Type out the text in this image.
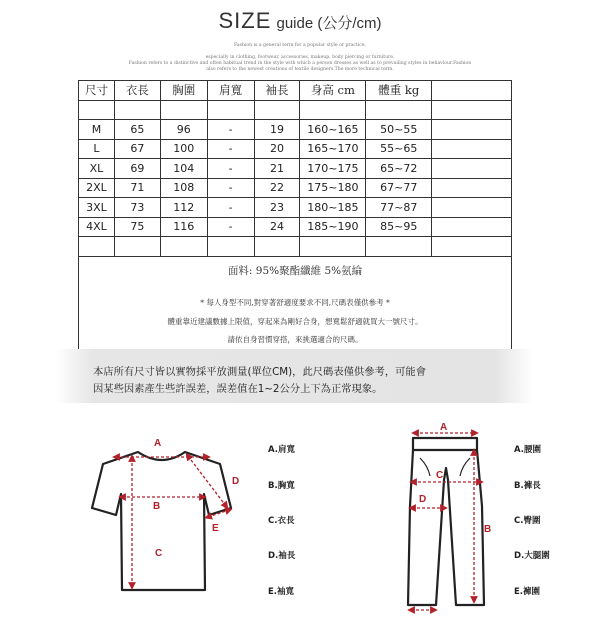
SIZE guide (公分/cm)
Fashion is a general term for a popular style or practice,
especially in clothing, footwear, accessories, makeup, body piercing or furniture.
Fashion refers to a distinctive and often habitual trend in the style with which a person dresses as well as to prevailing styles in behaviour.Fashion
also refers to the newest creations of textile designers.The more technical term.
尺寸	衣長	胸圍	肩寬	袖長	身高 cm	體重 kg
M	65	96	-	19	160~165	50~55
L	67	100	-	20	165~170	55~65
XL	69	104	-	21	170~175	65~72
2XL	71	108	-	22	175~180	67~77
3XL	73	112	-	23	180~185	77~87
4XL	75	116	-	24	185~190	85~95
面料: 95%聚酯纖維 5%氨綸
* 每人身型不同,對穿著舒適度要求不同,尺碼表僅供參考 *
體重靠近建議數據上限值，穿起來為剛好合身，想寬鬆舒適就買大一號尺寸。
請依自身習慣穿搭，來挑選適合的尺碼。

本店所有尺寸皆以實物採平放測量(單位CM)，此尺碼表僅供參考，可能會

因某些因素產生些許誤差，誤差值在1~2公分上下為正常現象。

A
B
C
D
E
A
B
C
D
A.肩寬
B.胸寬
C.衣長
D.袖長
E.袖寬
A.腰圍
B.褲長
C.臀圍
D.大腿圍
E.褲圍
